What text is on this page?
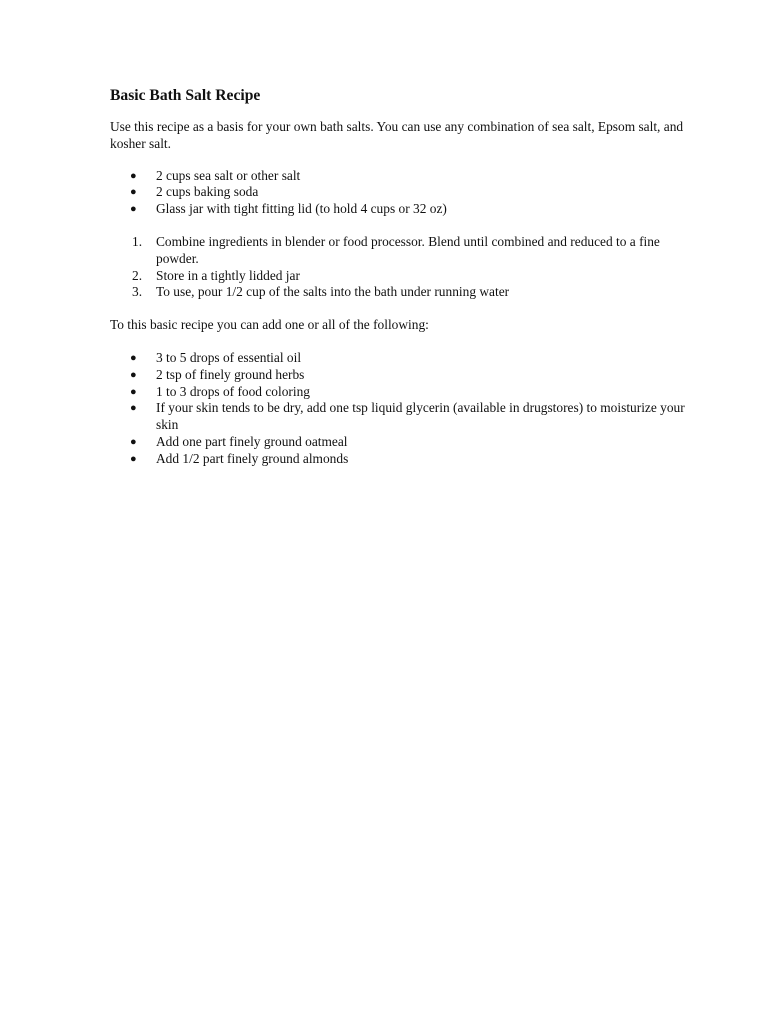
Basic Bath Salt Recipe

Use this recipe as a basis for your own bath salts. You can use any combination of sea salt, Epsom salt, and kosher salt.

● 2 cups sea salt or other salt
● 2 cups baking soda
● Glass jar with tight fitting lid (to hold 4 cups or 32 oz)
1. Combine ingredients in blender or food processor. Blend until combined and reduced to a fine powder.
2. Store in a tightly lidded jar
3. To use, pour 1/2 cup of the salts into the bath under running water

To this basic recipe you can add one or all of the following:

● 3 to 5 drops of essential oil
● 2 tsp of finely ground herbs
● 1 to 3 drops of food coloring
● If your skin tends to be dry, add one tsp liquid glycerin (available in drugstores) to moisturize your skin
● Add one part finely ground oatmeal
● Add 1/2 part finely ground almonds
